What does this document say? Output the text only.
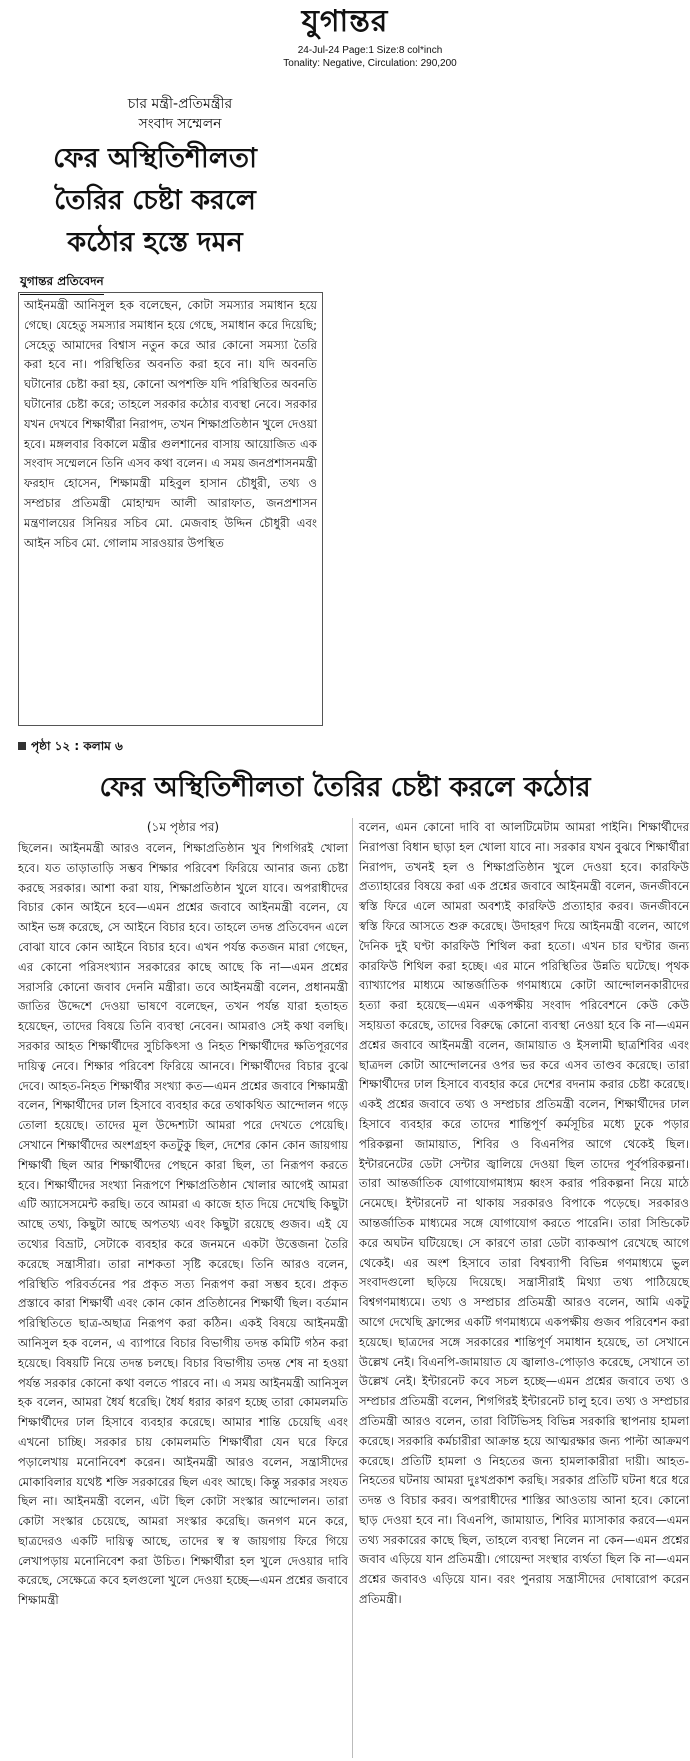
যুগান্তর
24-Jul-24 Page:1 Size:8 col*inch
Tonality: Negative, Circulation: 290,200
চার মন্ত্রী-প্রতিমন্ত্রীর
সংবাদ সম্মেলন
ফের অস্থিতিশীলতা
তৈরির চেষ্টা করলে
কঠোর হস্তে দমন
যুগান্তর প্রতিবেদন
আইনমন্ত্রী আনিসুল হক বলেছেন, কোটা সমস্যার সমাধান হয়ে গেছে। যেহেতু সমস্যার সমাধান হয়ে গেছে, সমাধান করে দিয়েছি; সেহেতু আমাদের বিশ্বাস নতুন করে আর কোনো সমস্যা তৈরি করা হবে না। পরিস্থিতির অবনতি করা হবে না। যদি অবনতি ঘটানোর চেষ্টা করা হয়, কোনো অপশক্তি যদি পরিস্থিতির অবনতি ঘটানোর চেষ্টা করে; তাহলে সরকার কঠোর ব্যবস্থা নেবে। সরকার যখন দেখবে শিক্ষার্থীরা নিরাপদ, তখন শিক্ষাপ্রতিষ্ঠান খুলে দেওয়া হবে। মঙ্গলবার বিকালে মন্ত্রীর গুলশানের বাসায় আয়োজিত এক সংবাদ সম্মেলনে তিনি এসব কথা বলেন। এ সময় জনপ্রশাসনমন্ত্রী ফরহাদ হোসেন, শিক্ষামন্ত্রী মহিবুল হাসান চৌধুরী, তথ্য ও সম্প্রচার প্রতিমন্ত্রী মোহাম্মদ আলী আরাফাত, জনপ্রশাসন মন্ত্রণালয়ের সিনিয়র সচিব মো. মেজবাহ উদ্দিন চৌধুরী এবং আইন সচিব মো. গোলাম সারওয়ার উপস্থিত
পৃষ্ঠা ১২ : কলাম ৬
ফের অস্থিতিশীলতা তৈরির চেষ্টা করলে কঠোর
(১ম পৃষ্ঠার পর)
ছিলেন। আইনমন্ত্রী আরও বলেন, শিক্ষাপ্রতিষ্ঠান খুব শিগগিরই খোলা হবে। যত তাড়াতাড়ি সম্ভব শিক্ষার পরিবেশ ফিরিয়ে আনার জন্য চেষ্টা করছে সরকার। আশা করা যায়, শিক্ষাপ্রতিষ্ঠান খুলে যাবে। অপরাধীদের বিচার কোন আইনে হবে—এমন প্রশ্নের জবাবে আইনমন্ত্রী বলেন, যে আইন ভঙ্গ করেছে, সে আইনে বিচার হবে। তাহলে তদন্ত প্রতিবেদন এলে বোঝা যাবে কোন আইনে বিচার হবে। এখন পর্যন্ত কতজন মারা গেছেন, এর কোনো পরিসংখ্যান সরকারের কাছে আছে কি না—এমন প্রশ্নের সরাসরি কোনো জবাব দেননি মন্ত্রীরা। তবে আইনমন্ত্রী বলেন, প্রধানমন্ত্রী জাতির উদ্দেশে দেওয়া ভাষণে বলেছেন, তখন পর্যন্ত যারা হতাহত হয়েছেন, তাদের বিষয়ে তিনি ব্যবস্থা নেবেন। আমরাও সেই কথা বলছি। সরকার আহত শিক্ষার্থীদের সুচিকিৎসা ও নিহত শিক্ষার্থীদের ক্ষতিপূরণের দায়িত্ব নেবে। শিক্ষার পরিবেশ ফিরিয়ে আনবে। শিক্ষার্থীদের বিচার বুঝে দেবে। আহত-নিহত শিক্ষার্থীর সংখ্যা কত—এমন প্রশ্নের জবাবে শিক্ষামন্ত্রী বলেন, শিক্ষার্থীদের ঢাল হিসাবে ব্যবহার করে তথাকথিত আন্দোলন গড়ে তোলা হয়েছে। তাদের মূল উদ্দেশ্যটা আমরা পরে দেখতে পেয়েছি। সেখানে শিক্ষার্থীদের অংশগ্রহণ কতটুকু ছিল, দেশের কোন কোন জায়গায় শিক্ষার্থী ছিল আর শিক্ষার্থীদের পেছনে কারা ছিল, তা নিরূপণ করতে হবে। শিক্ষার্থীদের সংখ্যা নিরূপণে শিক্ষাপ্রতিষ্ঠান খোলার আগেই আমরা এটি অ্যাসেসমেন্ট করছি। তবে আমরা এ কাজে হাত দিয়ে দেখেছি কিছুটা আছে তথ্য, কিছুটা আছে অপতথ্য এবং কিছুটা রয়েছে গুজব। এই যে তথ্যের বিভ্রাট, সেটাকে ব্যবহার করে জনমনে একটা উত্তেজনা তৈরি করেছে সন্ত্রাসীরা। তারা নাশকতা সৃষ্টি করেছে। তিনি আরও বলেন, পরিস্থিতি পরিবর্তনের পর প্রকৃত সত্য নিরূপণ করা সম্ভব হবে। প্রকৃত প্রস্তাবে কারা শিক্ষার্থী এবং কোন কোন প্রতিষ্ঠানের শিক্ষার্থী ছিল। বর্তমান পরিস্থিতিতে ছাত্র-অছাত্র নিরূপণ করা কঠিন। একই বিষয়ে আইনমন্ত্রী আনিসুল হক বলেন, এ ব্যাপারে বিচার বিভাগীয় তদন্ত কমিটি গঠন করা হয়েছে। বিষয়টি নিয়ে তদন্ত চলছে। বিচার বিভাগীয় তদন্ত শেষ না হওয়া পর্যন্ত সরকার কোনো কথা বলতে পারবে না। এ সময় আইনমন্ত্রী আনিসুল হক বলেন, আমরা ধৈর্য ধরেছি। ধৈর্য ধরার কারণ হচ্ছে তারা কোমলমতি শিক্ষার্থীদের ঢাল হিসাবে ব্যবহার করেছে। আমার শান্তি চেয়েছি এবং এখনো চাচ্ছি। সরকার চায় কোমলমতি শিক্ষার্থীরা যেন ঘরে ফিরে পড়ালেখায় মনোনিবেশ করেন। আইনমন্ত্রী আরও বলেন, সন্ত্রাসীদের মোকাবিলার যথেষ্ট শক্তি সরকারের ছিল এবং আছে। কিন্তু সরকার সংযত ছিল না। আইনমন্ত্রী বলেন, এটা ছিল কোটা সংস্কার আন্দোলন। তারা কোটা সংস্কার চেয়েছে, আমরা সংস্কার করেছি। জনগণ মনে করে, ছাত্রদেরও একটি দায়িত্ব আছে, তাদের স্ব স্ব জায়গায় ফিরে গিয়ে লেখাপড়ায় মনোনিবেশ করা উচিত। শিক্ষার্থীরা হল খুলে দেওয়ার দাবি করেছে, সেক্ষেত্রে কবে হলগুলো খুলে দেওয়া হচ্ছে—এমন প্রশ্নের জবাবে শিক্ষামন্ত্রী
বলেন, এমন কোনো দাবি বা আলটিমেটাম আমরা পাইনি। শিক্ষার্থীদের নিরাপত্তা বিধান ছাড়া হল খোলা যাবে না। সরকার যখন বুঝবে শিক্ষার্থীরা নিরাপদ, তখনই হল ও শিক্ষাপ্রতিষ্ঠান খুলে দেওয়া হবে। কারফিউ প্রত্যাহারের বিষয়ে করা এক প্রশ্নের জবাবে আইনমন্ত্রী বলেন, জনজীবনে স্বস্তি ফিরে এলে আমরা অবশ্যই কারফিউ প্রত্যাহার করব। জনজীবনে স্বস্তি ফিরে আসতে শুরু করেছে। উদাহরণ দিয়ে আইনমন্ত্রী বলেন, আগে দৈনিক দুই ঘণ্টা কারফিউ শিথিল করা হতো। এখন চার ঘণ্টার জন্য কারফিউ শিথিল করা হচ্ছে। এর মানে পরিস্থিতির উন্নতি ঘটেছে। পৃথক ব্যাখ্যাপের মাধ্যমে আন্তর্জাতিক গণমাধ্যমে কোটা আন্দোলনকারীদের হত্যা করা হয়েছে—এমন একপক্ষীয় সংবাদ পরিবেশনে কেউ কেউ সহায়তা করেছে, তাদের বিরুদ্ধে কোনো ব্যবস্থা নেওয়া হবে কি না—এমন প্রশ্নের জবাবে আইনমন্ত্রী বলেন, জামায়াত ও ইসলামী ছাত্রশিবির এবং ছাত্রদল কোটা আন্দোলনের ওপর ভর করে এসব তাণ্ডব করেছে। তারা শিক্ষার্থীদের ঢাল হিসাবে ব্যবহার করে দেশের বদনাম করার চেষ্টা করেছে। একই প্রশ্নের জবাবে তথ্য ও সম্প্রচার প্রতিমন্ত্রী বলেন, শিক্ষার্থীদের ঢাল হিসাবে ব্যবহার করে তাদের শান্তিপূর্ণ কর্মসূচির মধ্যে ঢুকে পড়ার পরিকল্পনা জামায়াত, শিবির ও বিএনপির আগে থেকেই ছিল। ইন্টারনেটের ডেটা সেন্টার জ্বালিয়ে দেওয়া ছিল তাদের পূর্বপরিকল্পনা। তারা আন্তর্জাতিক যোগাযোগমাধ্যম ধ্বংস করার পরিকল্পনা নিয়ে মাঠে নেমেছে। ইন্টারনেট না থাকায় সরকারও বিপাকে পড়েছে। সরকারও আন্তর্জাতিক মাধ্যমের সঙ্গে যোগাযোগ করতে পারেনি। তারা সিন্ডিকেট করে অঘটন ঘটিয়েছে। সে কারণে তারা ডেটা ব্যাকআপ রেখেছে আগে থেকেই। এর অংশ হিসাবে তারা বিশ্বব্যাপী বিভিন্ন গণমাধ্যমে ভুল সংবাদগুলো ছড়িয়ে দিয়েছে। সন্ত্রাসীরাই মিথ্যা তথ্য পাঠিয়েছে বিশ্বগণমাধ্যমে। তথ্য ও সম্প্রচার প্রতিমন্ত্রী আরও বলেন, আমি একটু আগে দেখেছি ফ্রান্সের একটি গণমাধ্যমে একপক্ষীয় গুজব পরিবেশন করা হয়েছে। ছাত্রদের সঙ্গে সরকারের শান্তিপূর্ণ সমাধান হয়েছে, তা সেখানে উল্লেখ নেই। বিএনপি-জামায়াত যে জ্বালাও-পোড়াও করেছে, সেখানে তা উল্লেখ নেই। ইন্টারনেট কবে সচল হচ্ছে—এমন প্রশ্নের জবাবে তথ্য ও সম্প্রচার প্রতিমন্ত্রী বলেন, শিগগিরই ইন্টারনেট চালু হবে। তথ্য ও সম্প্রচার প্রতিমন্ত্রী আরও বলেন, তারা বিটিভিসহ বিভিন্ন সরকারি স্থাপনায় হামলা করেছে। সরকারি কর্মচারীরা আক্রান্ত হয়ে আত্মরক্ষার জন্য পাল্টা আক্রমণ করেছে। প্রতিটি হামলা ও নিহতের জন্য হামলাকারীরা দায়ী। আহত-নিহতের ঘটনায় আমরা দুঃখপ্রকাশ করছি। সরকার প্রতিটি ঘটনা ধরে ধরে তদন্ত ও বিচার করব। অপরাধীদের শাস্তির আওতায় আনা হবে। কোনো ছাড় দেওয়া হবে না। বিএনপি, জামায়াত, শিবির ম্যাসাকার করবে—এমন তথ্য সরকারের কাছে ছিল, তাহলে ব্যবস্থা নিলেন না কেন—এমন প্রশ্নের জবাব এড়িয়ে যান প্রতিমন্ত্রী। গোয়েন্দা সংস্থার ব্যর্থতা ছিল কি না—এমন প্রশ্নের জবাবও এড়িয়ে যান। বরং পুনরায় সন্ত্রাসীদের দোষারোপ করেন প্রতিমন্ত্রী।
